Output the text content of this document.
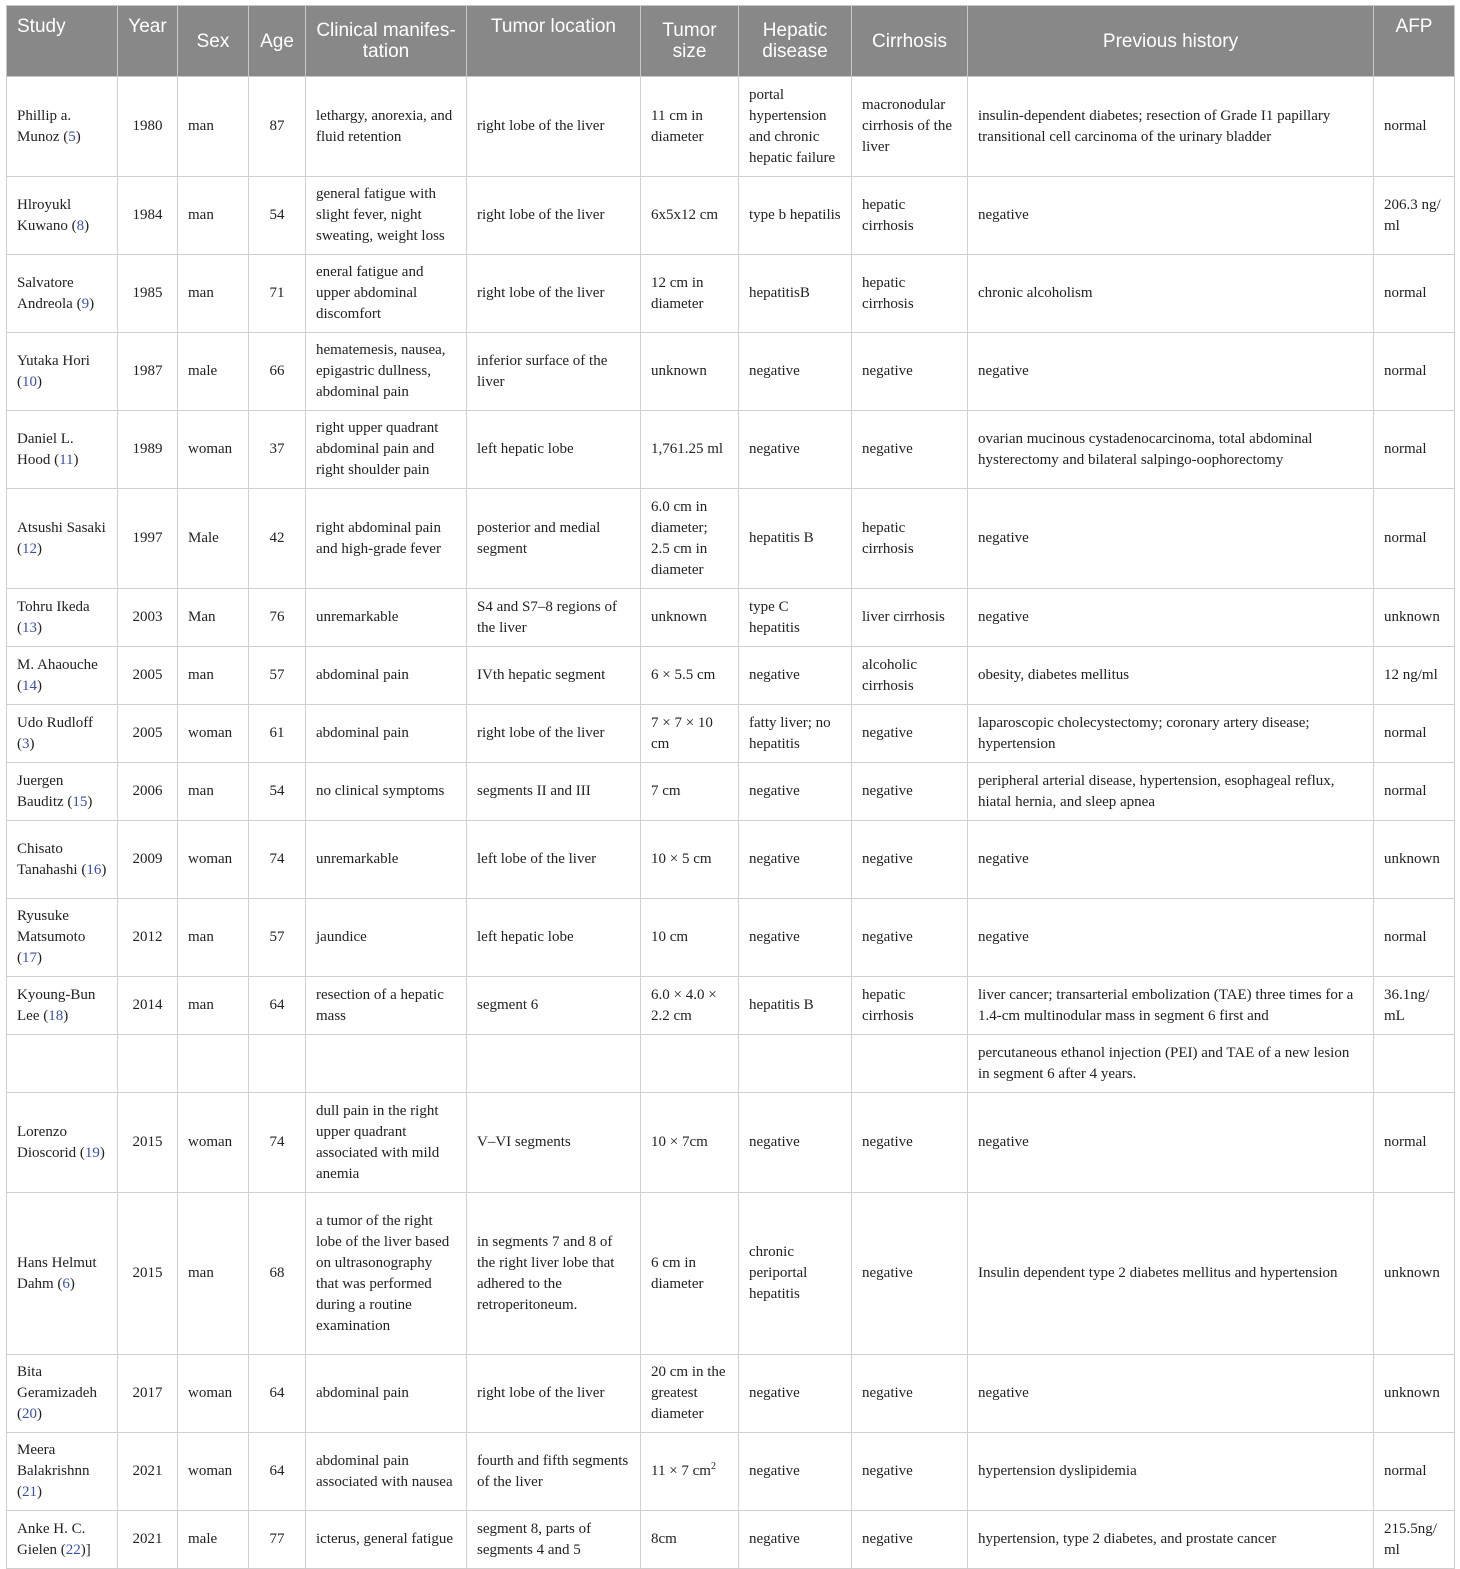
Study	Year	Sex	Age	Clinical manifes-tation	Tumor location	Tumor size	Hepatic disease	Cirrhosis	Previous history	AFP
Phillip a. Munoz (5)	1980	man	87	lethargy, anorexia, and fluid retention	right lobe of the liver	11 cm in diameter	portal hypertension and chronic hepatic failure	macronodular cirrhosis of the liver	insulin-dependent diabetes; resection of Grade I1 papillary transitional cell carcinoma of the urinary bladder	normal
Hlroyukl Kuwano (8)	1984	man	54	general fatigue with slight fever, night sweating, weight loss	right lobe of the liver	6x5x12 cm	type b hepatilis	hepatic cirrhosis	negative	206.3 ng/ ml
Salvatore Andreola (9)	1985	man	71	eneral fatigue and upper abdominal discomfort	right lobe of the liver	12 cm in diameter	hepatitisB	hepatic cirrhosis	chronic alcoholism	normal
Yutaka Hori (10)	1987	male	66	hematemesis, nausea, epigastric dullness, abdominal pain	inferior surface of the liver	unknown	negative	negative	negative	normal
Daniel L. Hood (11)	1989	woman	37	right upper quadrant abdominal pain and right shoulder pain	left hepatic lobe	1,761.25 ml	negative	negative	ovarian mucinous cystadenocarcinoma, total abdominal hysterectomy and bilateral salpingo-oophorectomy	normal
Atsushi Sasaki (12)	1997	Male	42	right abdominal pain and high-grade fever	posterior and medial segment	6.0 cm in diameter; 2.5 cm in diameter	hepatitis B	hepatic cirrhosis	negative	normal
Tohru Ikeda (13)	2003	Man	76	unremarkable	S4 and S7–8 regions of the liver	unknown	type C hepatitis	liver cirrhosis	negative	unknown
M. Ahaouche (14)	2005	man	57	abdominal pain	IVth hepatic segment	6 × 5.5 cm	negative	alcoholic cirrhosis	obesity, diabetes mellitus	12 ng/ml
Udo Rudloff (3)	2005	woman	61	abdominal pain	right lobe of the liver	7 × 7 × 10 cm	fatty liver; no hepatitis	negative	laparoscopic cholecystectomy; coronary artery disease; hypertension	normal
Juergen Bauditz (15)	2006	man	54	no clinical symptoms	segments II and III	7 cm	negative	negative	peripheral arterial disease, hypertension, esophageal reflux, hiatal hernia, and sleep apnea	normal
Chisato Tanahashi (16)	2009	woman	74	unremarkable	left lobe of the liver	10 × 5 cm	negative	negative	negative	unknown
Ryusuke Matsumoto (17)	2012	man	57	jaundice	left hepatic lobe	10 cm	negative	negative	negative	normal
Kyoung-Bun Lee (18)	2014	man	64	resection of a hepatic mass	segment 6	6.0 × 4.0 × 2.2 cm	hepatitis B	hepatic cirrhosis	liver cancer; transarterial embolization (TAE) three times for a 1.4-cm multinodular mass in segment 6 first and	36.1ng/ mL
									percutaneous ethanol injection (PEI) and TAE of a new lesion in segment 6 after 4 years.	
Lorenzo Dioscorid (19)	2015	woman	74	dull pain in the right upper quadrant associated with mild anemia	V–VI segments	10 × 7cm	negative	negative	negative	normal
Hans Helmut Dahm (6)	2015	man	68	a tumor of the right lobe of the liver based on ultrasonography that was performed during a routine examination	in segments 7 and 8 of the right liver lobe that adhered to the retroperitoneum.	6 cm in diameter	chronic periportal hepatitis	negative	Insulin dependent type 2 diabetes mellitus and hypertension	unknown
Bita Geramizadeh (20)	2017	woman	64	abdominal pain	right lobe of the liver	20 cm in the greatest diameter	negative	negative	negative	unknown
Meera Balakrishnn (21)	2021	woman	64	abdominal pain associated with nausea	fourth and fifth segments of the liver	11 × 7 $cm^2$	negative	negative	hypertension dyslipidemia	normal
Anke H. C. Gielen (22)]	2021	male	77	icterus, general fatigue	segment 8, parts of segments 4 and 5	8cm	negative	negative	hypertension, type 2 diabetes, and prostate cancer	215.5ng/ ml
